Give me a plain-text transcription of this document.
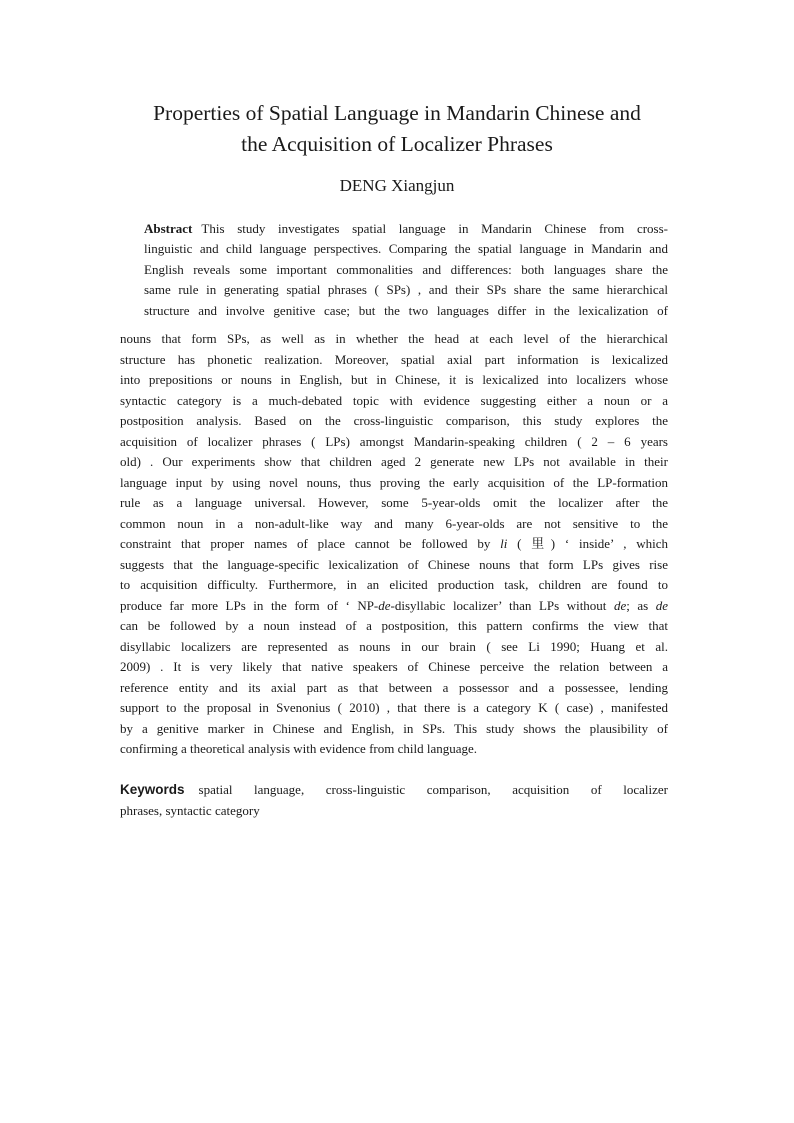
Properties of Spatial Language in Mandarin Chinese and
the Acquisition of Localizer Phrases
DENG Xiangjun
Abstract This study investigates spatial language in Mandarin Chinese from cross-
linguistic and child language perspectives. Comparing the spatial language in Mandarin and
English reveals some important commonalities and differences: both languages share the
same rule in generating spatial phrases ( SPs) , and their SPs share the same hierarchical
structure and involve genitive case; but the two languages differ in the lexicalization of
nouns that form SPs, as well as in whether the head at each level of the hierarchical
structure has phonetic realization. Moreover, spatial axial part information is lexicalized
into prepositions or nouns in English, but in Chinese, it is lexicalized into localizers whose
syntactic category is a much-debated topic with evidence suggesting either a noun or a
postposition analysis. Based on the cross-linguistic comparison, this study explores the
acquisition of localizer phrases ( LPs) amongst Mandarin-speaking children ( 2 – 6 years
old) . Our experiments show that children aged 2 generate new LPs not available in their
language input by using novel nouns, thus proving the early acquisition of the LP-formation
rule as a language universal. However, some 5-year-olds omit the localizer after the
common noun in a non-adult-like way and many 6-year-olds are not sensitive to the
constraint that proper names of place cannot be followed by li ( 里) ‘ inside’ , which
suggests that the language-specific lexicalization of Chinese nouns that form LPs gives rise
to acquisition difficulty. Furthermore, in an elicited production task, children are found to
produce far more LPs in the form of ‘ NP-de-disyllabic localizer’ than LPs without de; as de
can be followed by a noun instead of a postposition, this pattern confirms the view that
disyllabic localizers are represented as nouns in our brain ( see Li 1990; Huang et al.
2009) . It is very likely that native speakers of Chinese perceive the relation between a
reference entity and its axial part as that between a possessor and a possessee, lending
support to the proposal in Svenonius ( 2010) , that there is a category K ( case) , manifested
by a genitive marker in Chinese and English, in SPs. This study shows the plausibility of
confirming a theoretical analysis with evidence from child language.
Keywords spatial language, cross-linguistic comparison, acquisition of localizer
phrases, syntactic category
